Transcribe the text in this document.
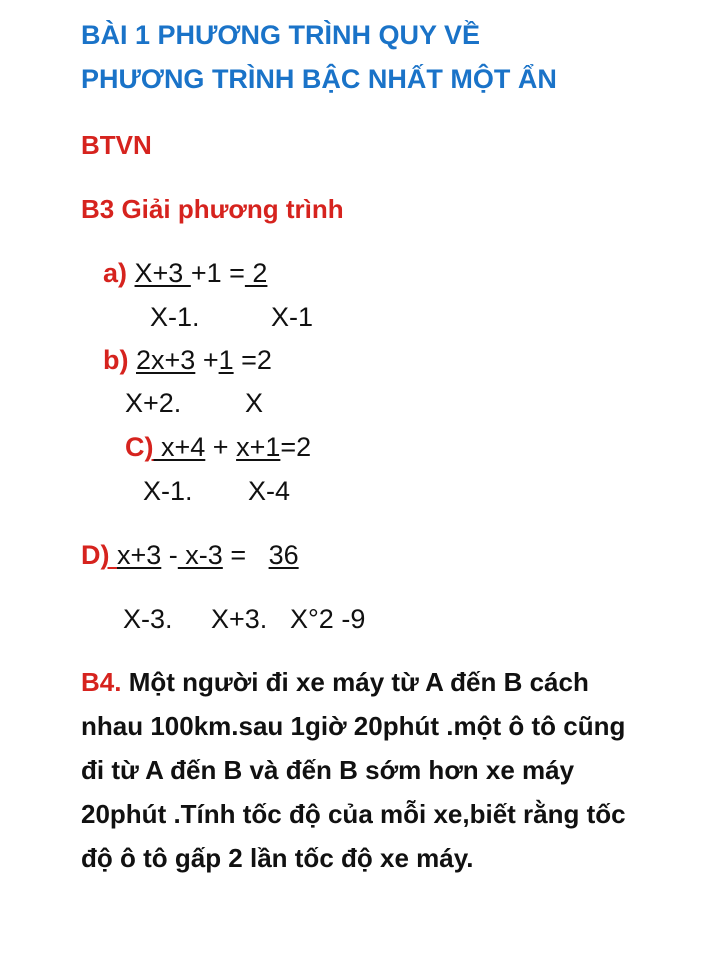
BÀI 1 PHƯƠNG TRÌNH QUY VỀ
PHƯƠNG TRÌNH BẬC NHẤT MỘT ẨN
BTVN
B3 Giải phương trình
a) X+3 +1 = 2
X-1.	X-1
b) 2x+3 +1 =2
X+2. X
C) x+4 + x+1=2
X-1. X-4
D) x+3 - x-3 =   36
X-3. X+3. X°2 -9
B4. Một người đi xe máy từ A đến B cách nhau 100km.sau 1giờ 20phút .một ô tô cũng đi từ A đến B và đến B sớm hơn xe máy 20phút .Tính tốc độ của mỗi xe,biết rằng tốc độ ô tô gấp 2 lần tốc độ xe máy.
